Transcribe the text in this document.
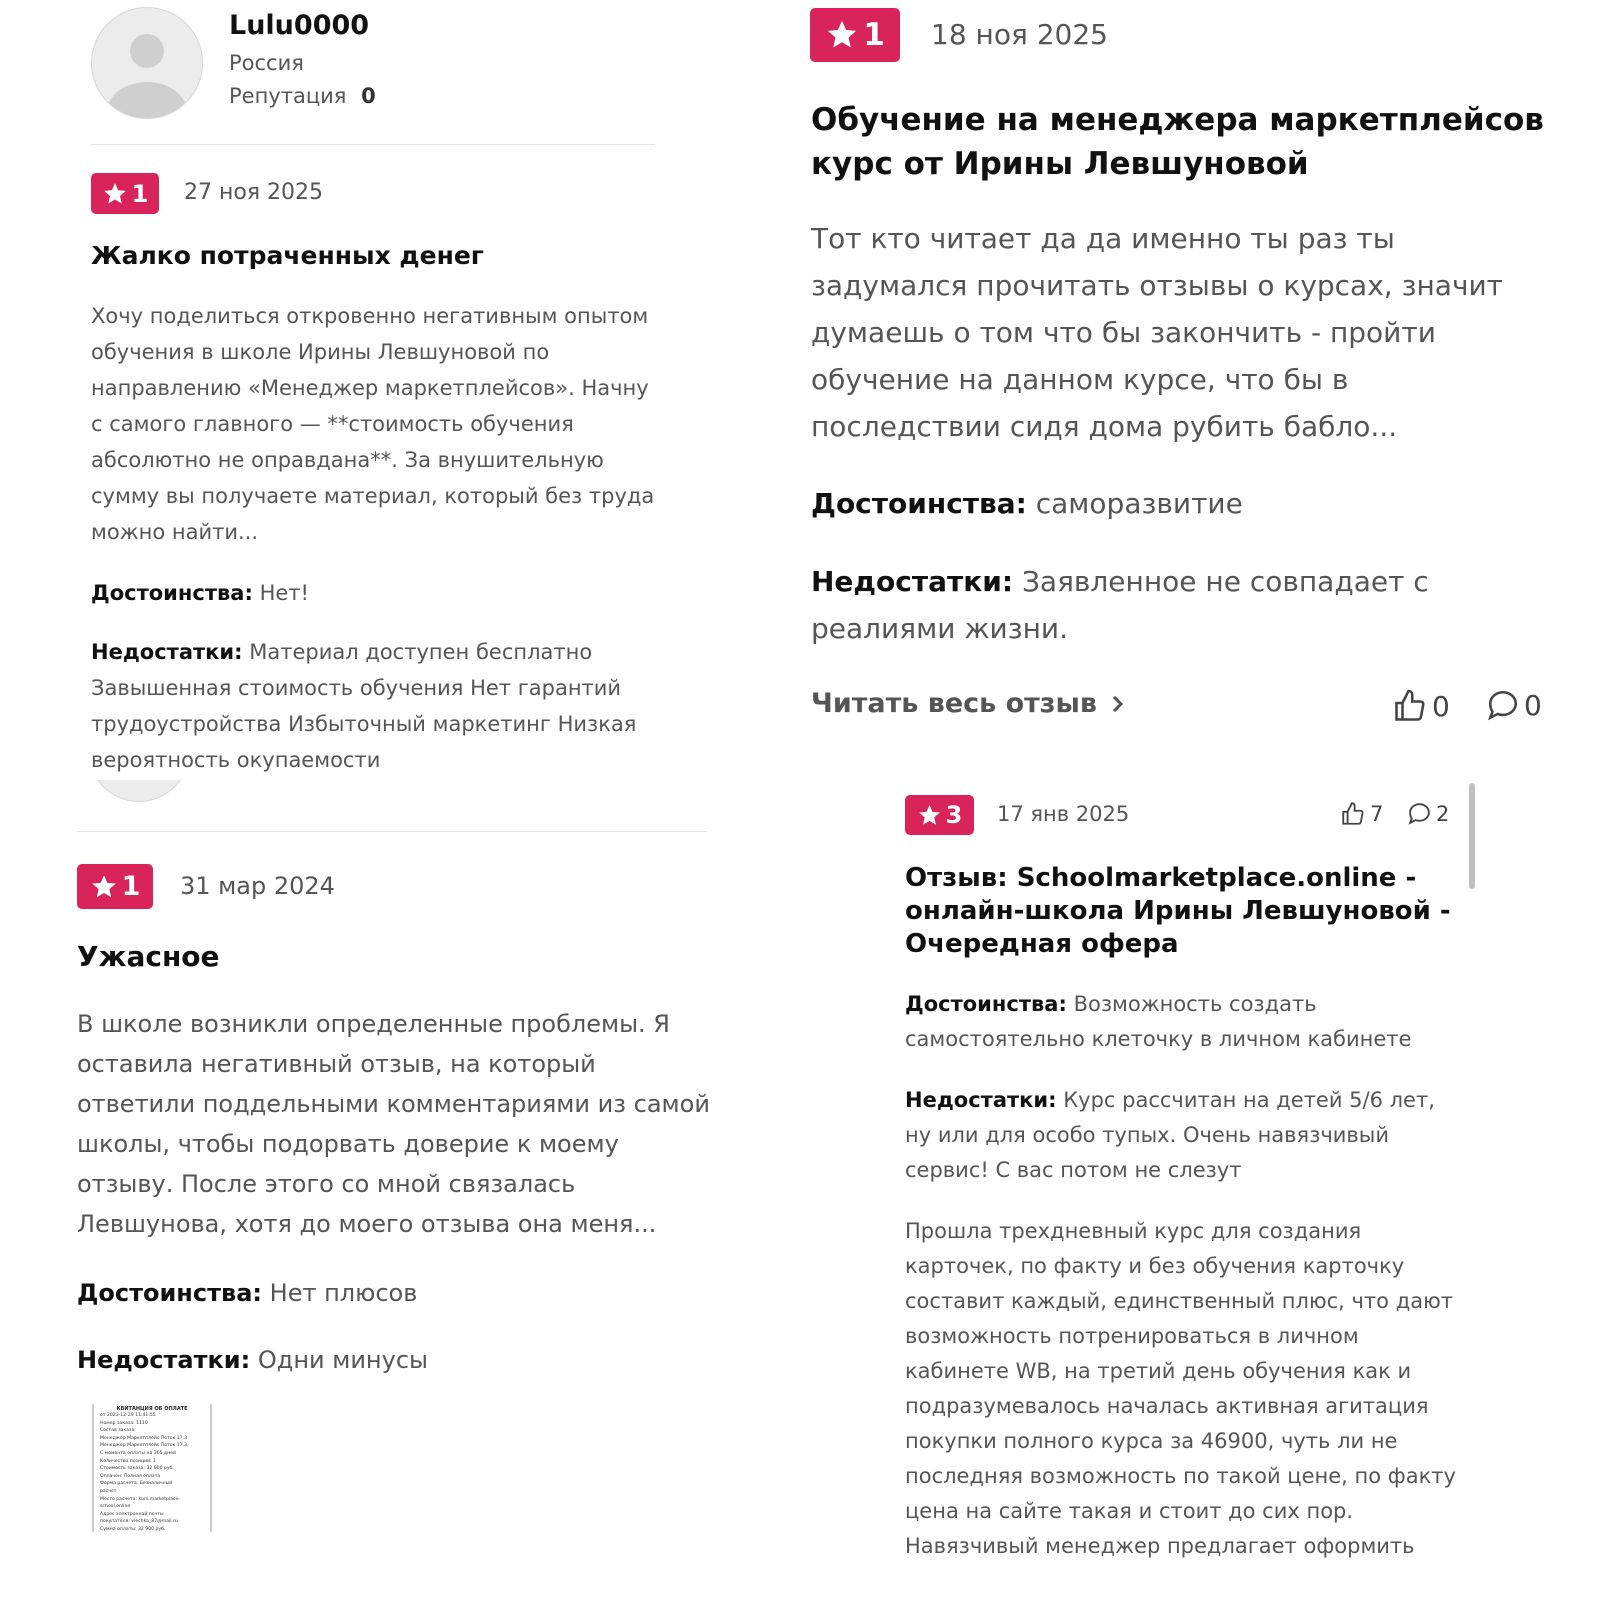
Lulu0000
Россия
Репутация 0
1 27 ноя 2025
Жалко потраченных денег

Хочу поделиться откровенно негативным опытом обучения в школе Ирины Левшуновой по направлению «Менеджер маркетплейсов». Начну с самого главного — **стоимость обучения абсолютно не оправдана**. За внушительную сумму вы получаете материал, который без труда можно найти...

Достоинства: Нет!
Недостатки: Материал доступен бесплатно Завышенная стоимость обучения Нет гарантий трудоустройства Избыточный маркетинг Низкая вероятность окупаемости
1 31 мар 2024
Ужасное

В школе возникли определенные проблемы. Я оставила негативный отзыв, на который ответили поддельными комментариями из самой школы, чтобы подорвать доверие к моему отзыву. После этого со мной связалась Левшунова, хотя до моего отзыва она меня...

Достоинства: Нет плюсов
Недостатки: Одни минусы
КВИТАНЦИЯ ОБ ОПЛАТЕ
от 2023-12-29 11:41:55
Номер заказа: 1110
Состав заказа:
Менеджер Маркетплейс Поток 17.3
Менеджер Маркетплейс Поток 17.3,
С момента оплаты на 365 дней
Количество позиций: 1
Стоимость заказа: 32 900 руб.
Оплачен: Полная оплата
Форма расчета: Безналичный
расчет
Место расчета: kurs.marketplace-
school.online
Адрес электронной почты
покупателя: vlechka_87@mail.ru
Сумма оплаты: 32 900 руб.
1 18 ноя 2025
Обучение на менеджера маркетплейсов курс от Ирины Левшуновой

Тот кто читает да да именно ты раз ты задумался прочитать отзывы о курсах, значит думаешь о том что бы закончить - пройти обучение на данном курсе, что бы в последствии сидя дома рубить бабло...

Достоинства: саморазвитие
Недостатки: Заявленное не совпадает с реалиями жизни.
Читать весь отзыв	0	0
3 17 янв 2025	7	2
Отзыв: Schoolmarketplace.online - онлайн-школа Ирины Левшуновой - Очередная офера
Достоинства: Возможность создать самостоятельно клеточку в личном кабинете
Недостатки: Курс рассчитан на детей 5/6 лет, ну или для особо тупых. Очень навязчивый сервис! С вас потом не слезут

Прошла трехдневный курс для создания карточек, по факту и без обучения карточку составит каждый, единственный плюс, что дают возможность потренироваться в личном кабинете WB, на третий день обучения как и подразумевалось началась активная агитация покупки полного курса за 46900, чуть ли не последняя возможность по такой цене, по факту цена на сайте такая и стоит до сих пор. Навязчивый менеджер предлагает оформить
